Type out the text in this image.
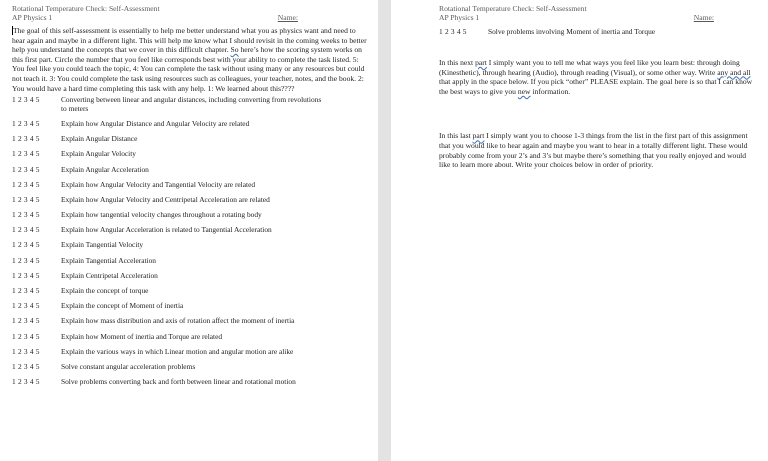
Rotational Temperature Check: Self-Assessment
AP Physics 1	Name:
The goal of this self-assessment is essentially to help me better understand what you as physics want and need to hear again and maybe in a different light. This will help me know what I should revisit in the coming weeks to better help you understand the concepts that we cover in this difficult chapter. So here’s how the scoring system works on this first part. Circle the number that you feel like corresponds best with your ability to complete the task listed. 5: You feel like you could teach the topic, 4: You can complete the task without using many or any resources but could not teach it. 3: You could complete the task using resources such as colleagues, your teacher, notes, and the book. 2: You would have a hard time completing this task with any help. 1: We learned about this????
1 2 3 4 5	Converting between linear and angular distances, including converting from revolutions to meters
1 2 3 4 5	Explain how Angular Distance and Angular Velocity are related
1 2 3 4 5	Explain Angular Distance
1 2 3 4 5	Explain Angular Velocity
1 2 3 4 5	Explain Angular Acceleration
1 2 3 4 5	Explain how Angular Velocity and Tangential Velocity are related
1 2 3 4 5	Explain how Angular Velocity and Centripetal Acceleration are related
1 2 3 4 5	Explain how tangential velocity changes throughout a rotating body
1 2 3 4 5	Explain how Angular Acceleration is related to Tangential Acceleration
1 2 3 4 5	Explain Tangential Velocity
1 2 3 4 5	Explain Tangential Acceleration
1 2 3 4 5	Explain Centripetal Acceleration
1 2 3 4 5	Explain the concept of torque
1 2 3 4 5	Explain the concept of Moment of inertia
1 2 3 4 5	Explain how mass distribution and axis of rotation affect the moment of inertia
1 2 3 4 5	Explain how Moment of inertia and Torque are related
1 2 3 4 5	Explain the various ways in which Linear motion and angular motion are alike
1 2 3 4 5	Solve constant angular acceleration problems
1 2 3 4 5	Solve problems converting back and forth between linear and rotational motion
Rotational Temperature Check: Self-Assessment
AP Physics 1	Name:
1 2 3 4 5	Solve problems involving Moment of inertia and Torque
In this next part I simply want you to tell me what ways you feel like you learn best: through doing (Kinesthetic), through hearing (Audio), through reading (Visual), or some other way. Write any and all that apply in the space below. If you pick “other” PLEASE explain. The goal here is so that I can know the best ways to give you new information.
In this last part I simply want you to choose 1-3 things from the list in the first part of this assignment that you would like to hear again and maybe you want to hear in a totally different light. These would probably come from your 2’s and 3’s but maybe there’s something that you really enjoyed and would like to learn more about. Write your choices below in order of priority.
